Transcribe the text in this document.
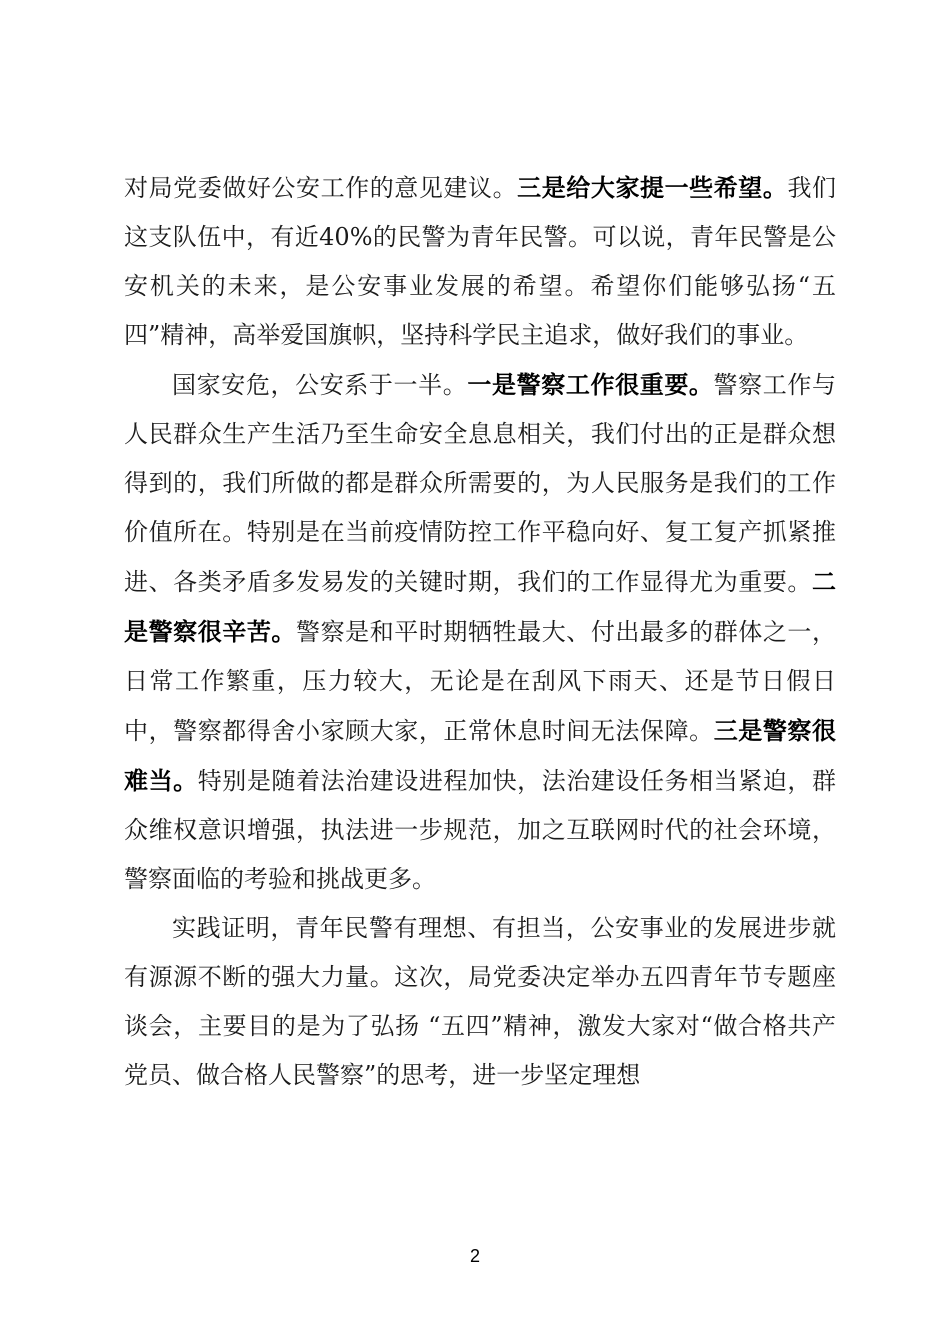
对局党委做好公安工作的意见建议。三是给大家提一些希望。我们这支队伍中，有近40%的民警为青年民警。可以说，青年民警是公安机关的未来，是公安事业发展的希望。希望你们能够弘扬“五四”精神，高举爱国旗帜，坚持科学民主追求，做好我们的事业。

国家安危，公安系于一半。一是警察工作很重要。警察工作与人民群众生产生活乃至生命安全息息相关，我们付出的正是群众想得到的，我们所做的都是群众所需要的，为人民服务是我们的工作价值所在。特别是在当前疫情防控工作平稳向好、复工复产抓紧推进、各类矛盾多发易发的关键时期，我们的工作显得尤为重要。二是警察很辛苦。警察是和平时期牺牲最大、付出最多的群体之一，日常工作繁重，压力较大，无论是在刮风下雨天、还是节日假日中，警察都得舍小家顾大家，正常休息时间无法保障。三是警察很难当。特别是随着法治建设进程加快，法治建设任务相当紧迫，群众维权意识增强，执法进一步规范，加之互联网时代的社会环境，警察面临的考验和挑战更多。

实践证明，青年民警有理想、有担当，公安事业的发展进步就有源源不断的强大力量。这次，局党委决定举办五四青年节专题座谈会，主要目的是为了弘扬 “五四”精神，激发大家对“做合格共产党员、做合格人民警察”的思考，进一步坚定理想

2
